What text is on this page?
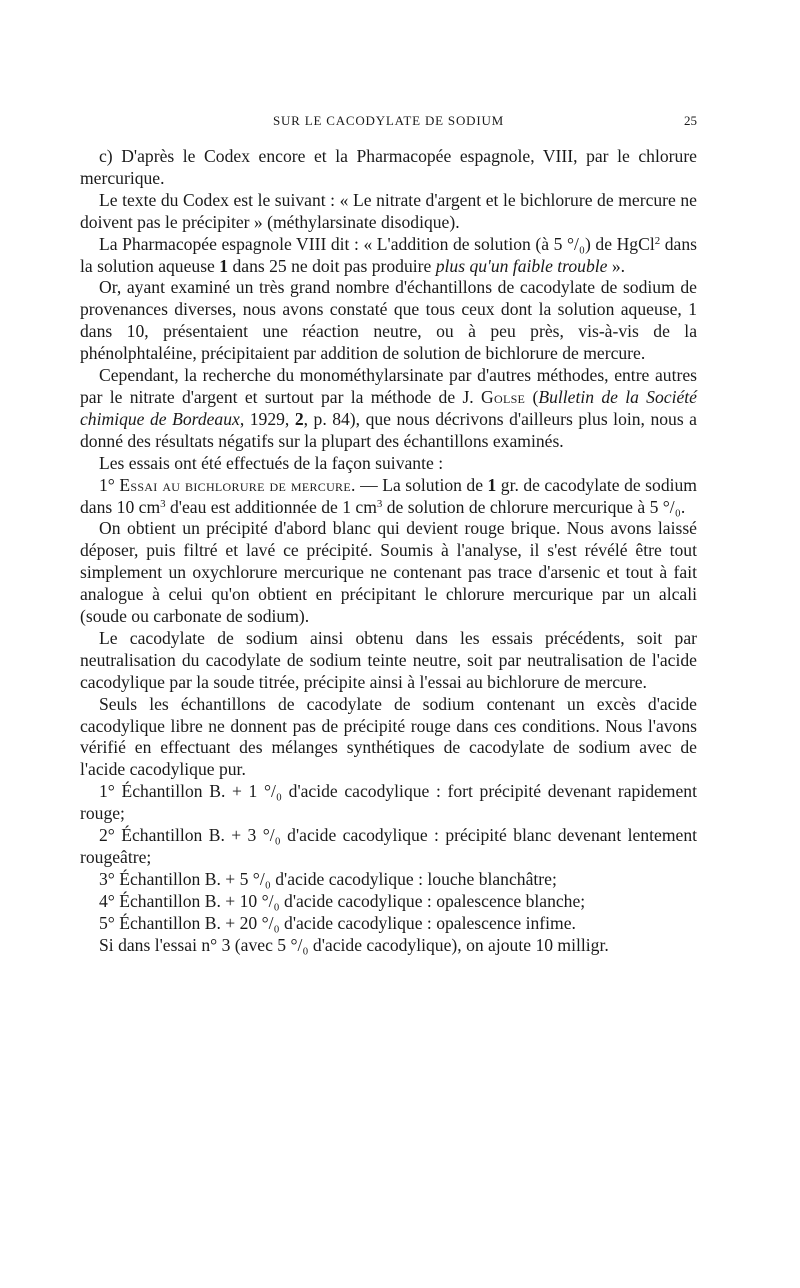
SUR LE CACODYLATE DE SODIUM	25

c) D'après le Codex encore et la Pharmacopée espagnole, VIII, par le chlorure mercurique.

Le texte du Codex est le suivant : « Le nitrate d'argent et le bichlorure de mercure ne doivent pas le précipiter » (méthylarsinate disodique).

La Pharmacopée espagnole VIII dit : « L'addition de solution (à 5 °/₀) de HgCl$^2$ dans la solution aqueuse 1 dans 25 ne doit pas produire plus qu'un faible trouble ».

Or, ayant examiné un très grand nombre d'échantillons de cacodylate de sodium de provenances diverses, nous avons constaté que tous ceux dont la solution aqueuse, 1 dans 10, présentaient une réaction neutre, ou à peu près, vis-à-vis de la phénolphtaléine, précipitaient par addition de solution de bichlorure de mercure.

Cependant, la recherche du monométhylarsinate par d'autres méthodes, entre autres par le nitrate d'argent et surtout par la méthode de J. Golse (Bulletin de la Société chimique de Bordeaux, 1929, 2, p. 84), que nous décrivons d'ailleurs plus loin, nous a donné des résultats négatifs sur la plupart des échantillons examinés.

Les essais ont été effectués de la façon suivante :

1° Essai au bichlorure de mercure. — La solution de 1 gr. de cacodylate de sodium dans 10 $cm^3$ d'eau est additionnée de 1 $cm^3$ de solution de chlorure mercurique à 5 °/₀.

On obtient un précipité d'abord blanc qui devient rouge brique. Nous avons laissé déposer, puis filtré et lavé ce précipité. Soumis à l'analyse, il s'est révélé être tout simplement un oxychlorure mercurique ne contenant pas trace d'arsenic et tout à fait analogue à celui qu'on obtient en précipitant le chlorure mercurique par un alcali (soude ou carbonate de sodium).

Le cacodylate de sodium ainsi obtenu dans les essais précédents, soit par neutralisation du cacodylate de sodium teinte neutre, soit par neutralisation de l'acide cacodylique par la soude titrée, précipite ainsi à l'essai au bichlorure de mercure.

Seuls les échantillons de cacodylate de sodium contenant un excès d'acide cacodylique libre ne donnent pas de précipité rouge dans ces conditions. Nous l'avons vérifié en effectuant des mélanges synthétiques de cacodylate de sodium avec de l'acide cacodylique pur.

1° Échantillon B. + 1 °/₀ d'acide cacodylique : fort précipité devenant rapidement rouge;

2° Échantillon B. + 3 °/₀ d'acide cacodylique : précipité blanc devenant lentement rougeâtre;

3° Échantillon B. + 5 °/₀ d'acide cacodylique : louche blanchâtre;

4° Échantillon B. + 10 °/₀ d'acide cacodylique : opalescence blanche;

5° Échantillon B. + 20 °/₀ d'acide cacodylique : opalescence infime.

Si dans l'essai n° 3 (avec 5 °/₀ d'acide cacodylique), on ajoute 10 milligr.
